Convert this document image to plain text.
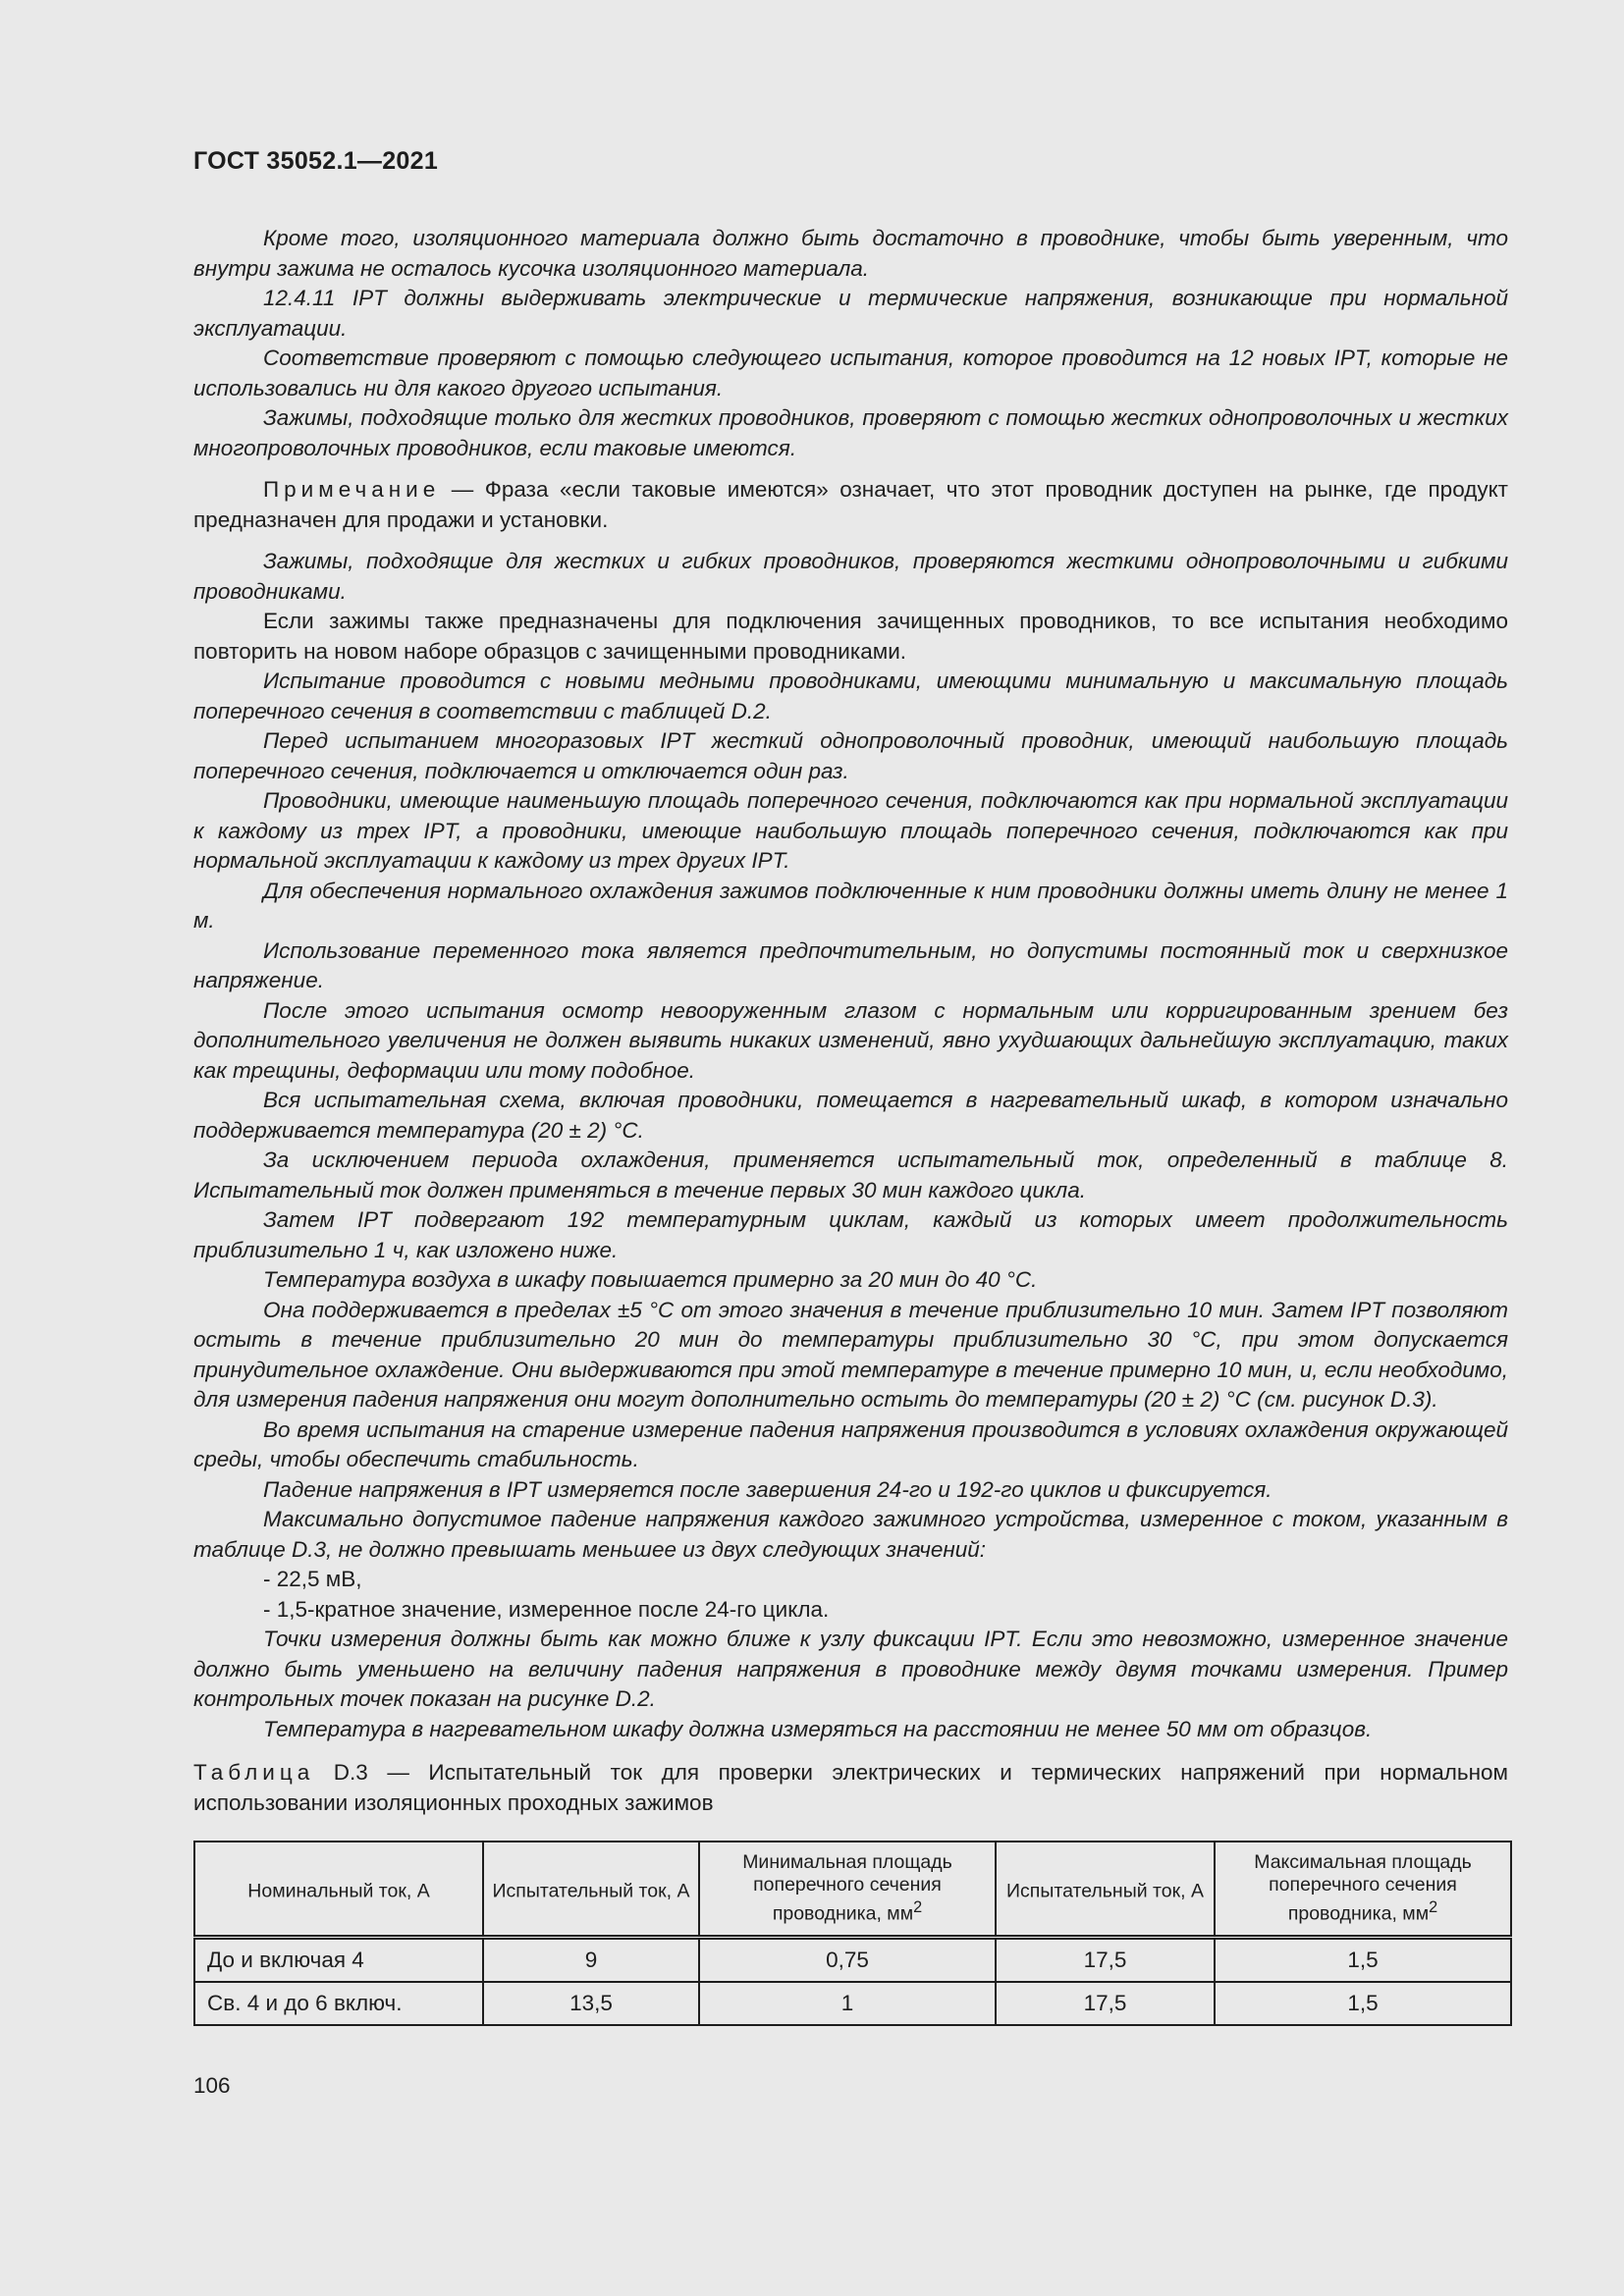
ГОСТ 35052.1—2021

Кроме того, изоляционного материала должно быть достаточно в проводнике, чтобы быть уверенным, что внутри зажима не осталось кусочка изоляционного материала.

12.4.11 IPT должны выдерживать электрические и термические напряжения, возникающие при нормальной эксплуатации.

Соответствие проверяют с помощью следующего испытания, которое проводится на 12 новых IPT, которые не использовались ни для какого другого испытания.

Зажимы, подходящие только для жестких проводников, проверяют с помощью жестких однопроволочных и жестких многопроволочных проводников, если таковые имеются.

Примечание — Фраза «если таковые имеются» означает, что этот проводник доступен на рынке, где продукт предназначен для продажи и установки.

Зажимы, подходящие для жестких и гибких проводников, проверяются жесткими однопроволочными и гибкими проводниками.

Если зажимы также предназначены для подключения зачищенных проводников, то все испытания необходимо повторить на новом наборе образцов с зачищенными проводниками.

Испытание проводится с новыми медными проводниками, имеющими минимальную и максимальную площадь поперечного сечения в соответствии с таблицей D.2.

Перед испытанием многоразовых IPT жесткий однопроволочный проводник, имеющий наибольшую площадь поперечного сечения, подключается и отключается один раз.

Проводники, имеющие наименьшую площадь поперечного сечения, подключаются как при нормальной эксплуатации к каждому из трех IPT, а проводники, имеющие наибольшую площадь поперечного сечения, подключаются как при нормальной эксплуатации к каждому из трех других IPT.

Для обеспечения нормального охлаждения зажимов подключенные к ним проводники должны иметь длину не менее 1 м.

Использование переменного тока является предпочтительным, но допустимы постоянный ток и сверхнизкое напряжение.

После этого испытания осмотр невооруженным глазом с нормальным или корригированным зрением без дополнительного увеличения не должен выявить никаких изменений, явно ухудшающих дальнейшую эксплуатацию, таких как трещины, деформации или тому подобное.

Вся испытательная схема, включая проводники, помещается в нагревательный шкаф, в котором изначально поддерживается температура (20 ± 2) °С.

За исключением периода охлаждения, применяется испытательный ток, определенный в таблице 8. Испытательный ток должен применяться в течение первых 30 мин каждого цикла.

Затем IPT подвергают 192 температурным циклам, каждый из которых имеет продолжительность приблизительно 1 ч, как изложено ниже.

Температура воздуха в шкафу повышается примерно за 20 мин до 40 °С.

Она поддерживается в пределах ±5 °С от этого значения в течение приблизительно 10 мин. Затем IPT позволяют остыть в течение приблизительно 20 мин до температуры приблизительно 30 °С, при этом допускается принудительное охлаждение. Они выдерживаются при этой температуре в течение примерно 10 мин, и, если необходимо, для измерения падения напряжения они могут дополнительно остыть до температуры (20 ± 2) °С (см. рисунок D.3).

Во время испытания на старение измерение падения напряжения производится в условиях охлаждения окружающей среды, чтобы обеспечить стабильность.

Падение напряжения в IPT измеряется после завершения 24-го и 192-го циклов и фиксируется.

Максимально допустимое падение напряжения каждого зажимного устройства, измеренное с током, указанным в таблице D.3, не должно превышать меньшее из двух следующих значений:

- 22,5 мВ,

- 1,5-кратное значение, измеренное после 24-го цикла.

Точки измерения должны быть как можно ближе к узлу фиксации IPT. Если это невозможно, измеренное значение должно быть уменьшено на величину падения напряжения в проводнике между двумя точками измерения. Пример контрольных точек показан на рисунке D.2.

Температура в нагревательном шкафу должна измеряться на расстоянии не менее 50 мм от образцов.

Таблица D.3 — Испытательный ток для проверки электрических и термических напряжений при нормальном использовании изоляционных проходных зажимов

Номинальный ток, А	Испытательный ток, А	Минимальная площадь поперечного сечения проводника, $мм^2$	Испытательный ток, А	Максимальная площадь поперечного сечения проводника, $мм^2$
До и включая 4	9	0,75	17,5	1,5
Св. 4 и до 6 включ.	13,5	1	17,5	1,5
106
